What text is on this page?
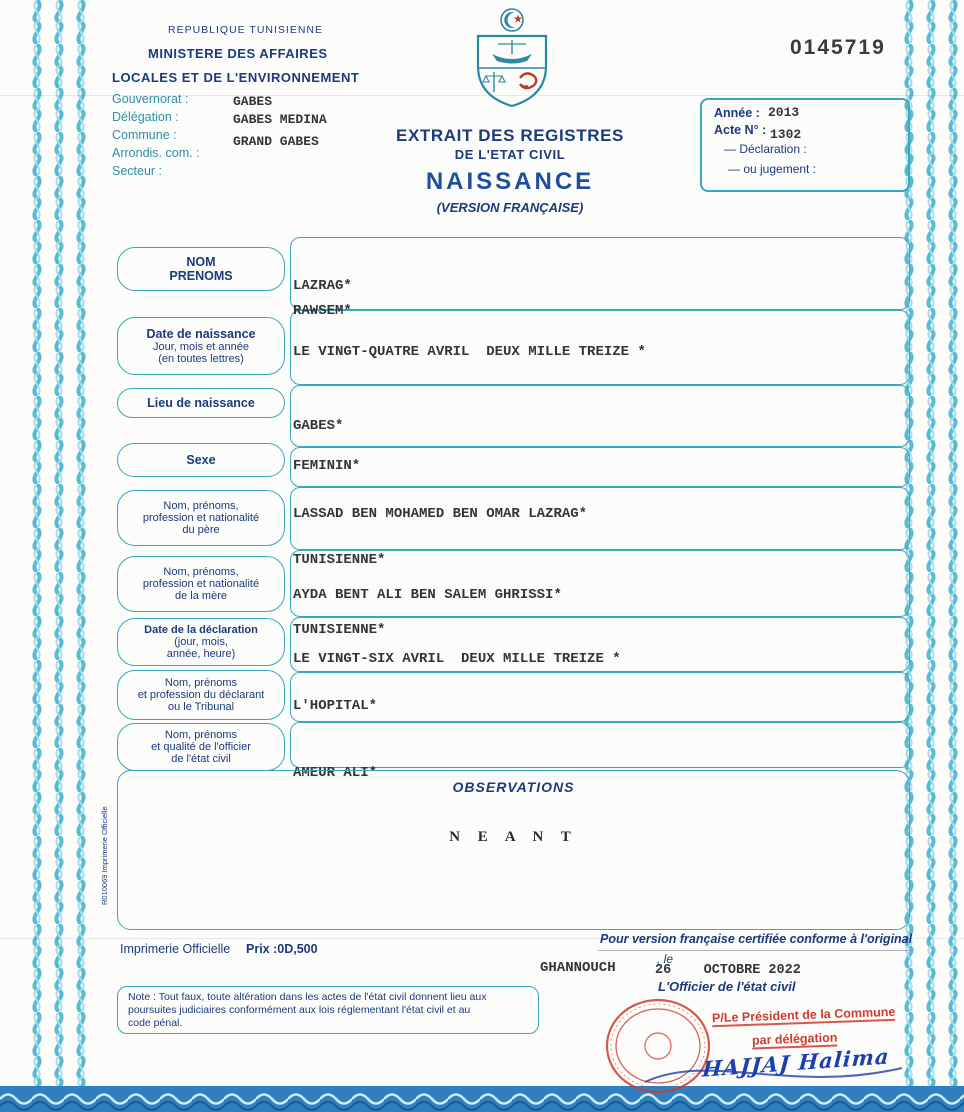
REPUBLIQUE TUNISIENNE
MINISTERE DES AFFAIRES
LOCALES ET DE L'ENVIRONNEMENT
0145719
Gouvernorat :
Délégation :
Commune :
Arrondis. com. :
Secteur :
GABES
GABES MEDINA
GRAND GABES	EXTRAIT DES REGISTRES
DE L'ETAT CIVIL
NAISSANCE
(VERSION FRANÇAISE)
Année : 2013
Acte N° : 1302
— Déclaration :
— ou jugement :
NOM
PRENOMS
Date de naissance
Jour, mois et année
(en toutes lettres)
Lieu de naissance
Sexe
Nom, prénoms,
profession et nationalité
du père
Nom, prénoms,
profession et nationalité
de la mère
Date de la déclaration
(jour, mois,
année, heure)
Nom, prénoms
et profession du déclarant
ou le Tribunal
Nom, prénoms
et qualité de l'officier
de l'état civil
LAZRAG*
RAWSEM*
LE VINGT-QUATRE AVRIL  DEUX MILLE TREIZE *
GABES*
FEMININ*
LASSAD BEN MOHAMED BEN OMAR LAZRAG*
TUNISIENNE*
AYDA BENT ALI BEN SALEM GHRISSI*
TUNISIENNE*
LE VINGT-SIX AVRIL  DEUX MILLE TREIZE *
L'HOPITAL*
AMEUR ALI*
OBSERVATIONS
N E A N T
R010069 Imprimerie Officielle
Imprimerie Officielle Prix :0D,500
Pour version française certifiée conforme à l'original
GHANNOUCH
, le
26    OCTOBRE 2022
L'Officier de l'état civil
Note : Tout faux, toute altération dans les actes de l'état civil donnent lieu aux
poursuites judiciaires conformément aux lois réglementant l'état civil et au
code pénal.	P/Le Président de la Commune
par délégation
HAJJAJ Halima
